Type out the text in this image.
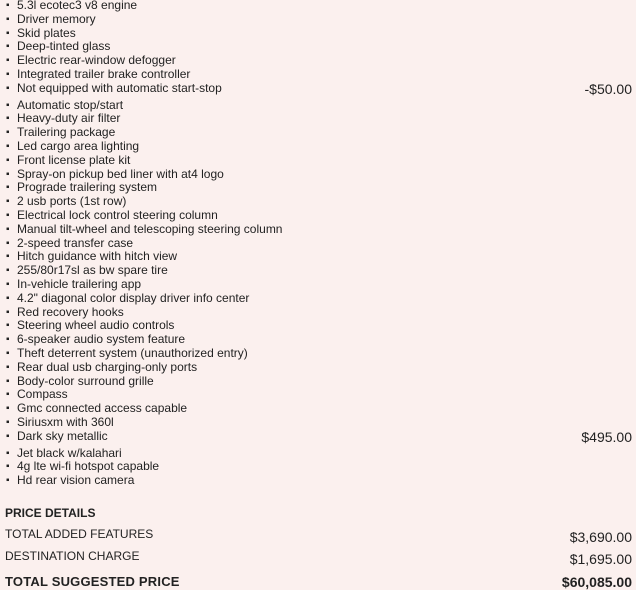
▪ 5.3l ecotec3 v8 engine
▪ Driver memory
▪ Skid plates
▪ Deep-tinted glass
▪ Electric rear-window defogger
▪ Integrated trailer brake controller
▪ Not equipped with automatic start-stop	-$50.00
▪ Automatic stop/start
▪ Heavy-duty air filter
▪ Trailering package
▪ Led cargo area lighting
▪ Front license plate kit
▪ Spray-on pickup bed liner with at4 logo
▪ Prograde trailering system
▪ 2 usb ports (1st row)
▪ Electrical lock control steering column
▪ Manual tilt-wheel and telescoping steering column
▪ 2-speed transfer case
▪ Hitch guidance with hitch view
▪ 255/80r17sl as bw spare tire
▪ In-vehicle trailering app
▪ 4.2" diagonal color display driver info center
▪ Red recovery hooks
▪ Steering wheel audio controls
▪ 6-speaker audio system feature
▪ Theft deterrent system (unauthorized entry)
▪ Rear dual usb charging-only ports
▪ Body-color surround grille
▪ Compass
▪ Gmc connected access capable
▪ Siriusxm with 360l
▪ Dark sky metallic	$495.00
▪ Jet black w/kalahari
▪ 4g lte wi-fi hotspot capable
▪ Hd rear vision camera
PRICE DETAILS
TOTAL ADDED FEATURES	$3,690.00
DESTINATION CHARGE	$1,695.00
TOTAL SUGGESTED PRICE	$60,085.00
